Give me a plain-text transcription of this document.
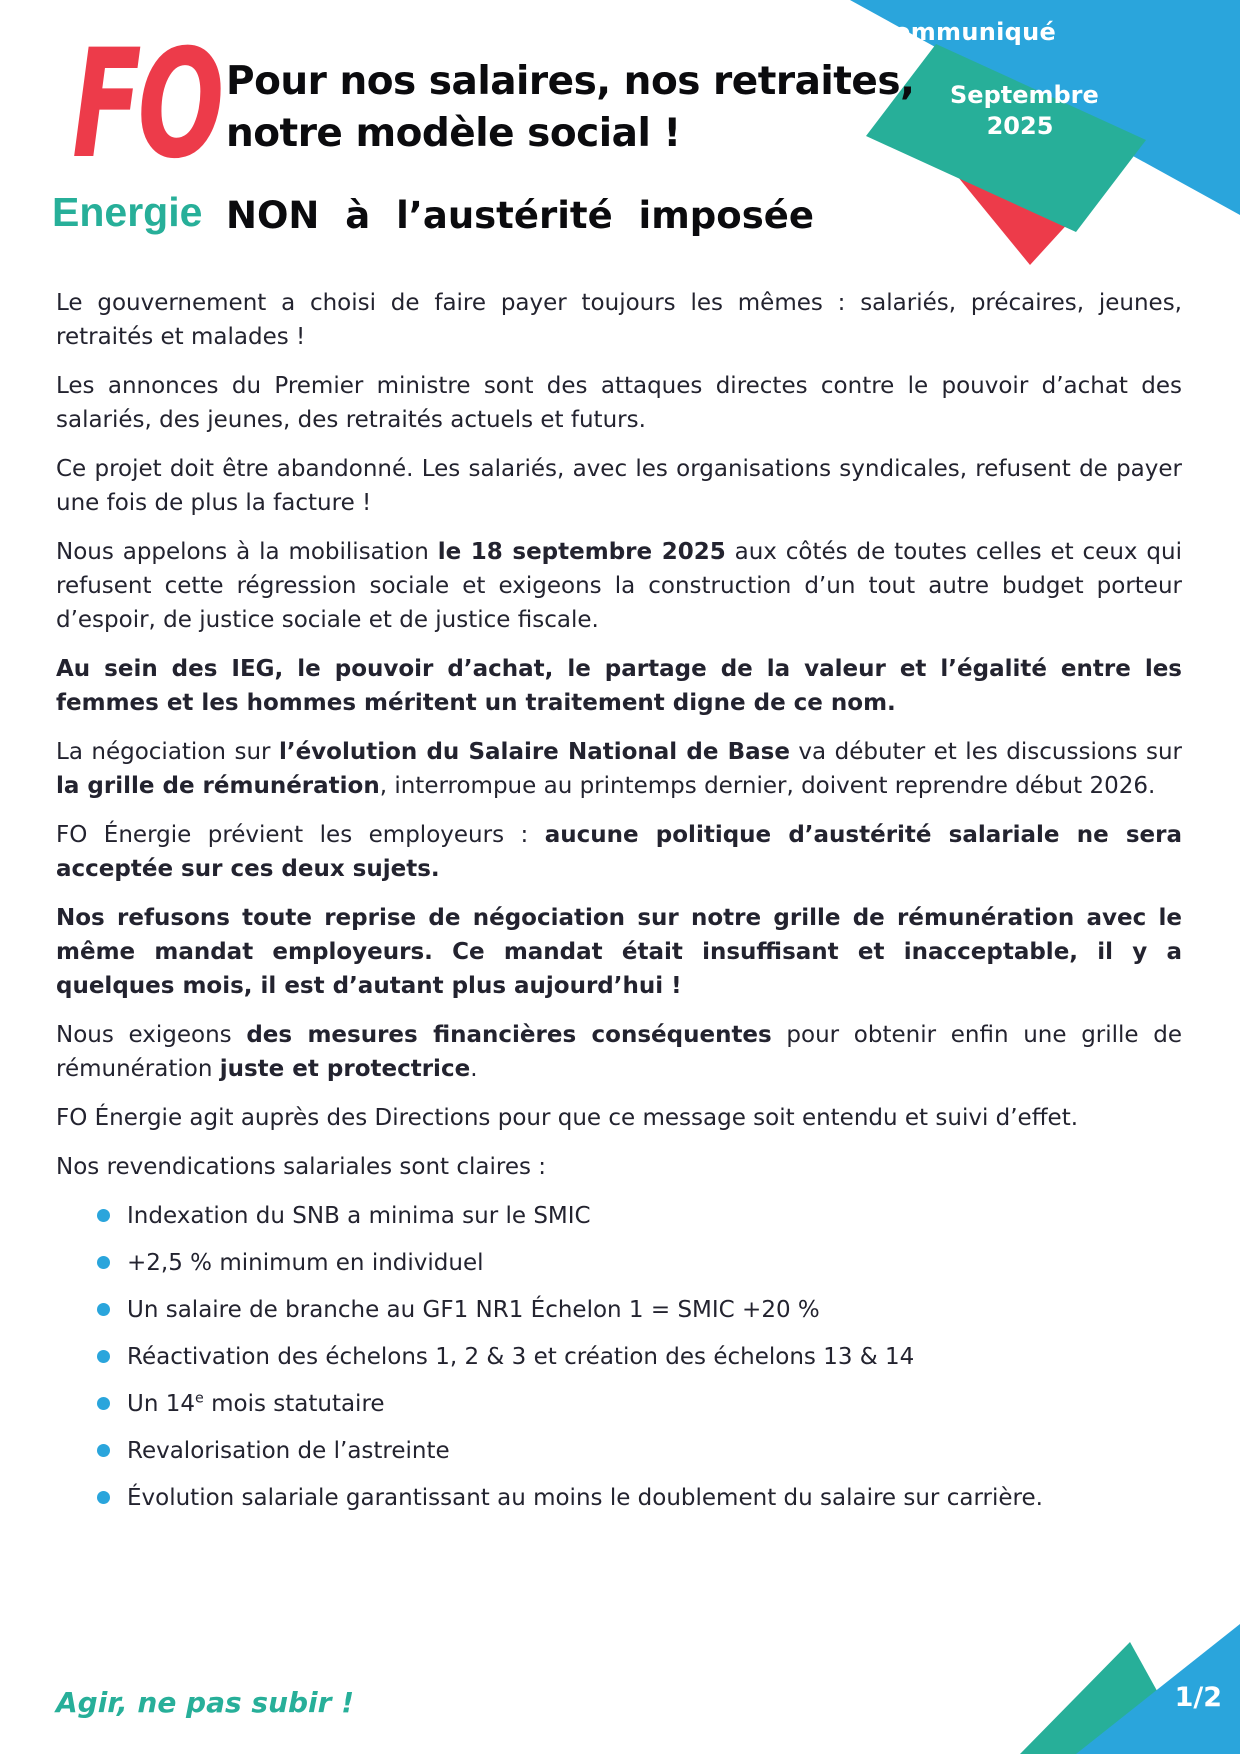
Communiqué
Septembre
2025
FO
Energie
Pour nos salaires, nos retraites,
notre modèle social !
NON à l’austérité imposée

Le gouvernement a choisi de faire payer toujours les mêmes : salariés, précaires, jeunes, retraités et malades !

Les annonces du Premier ministre sont des attaques directes contre le pouvoir d’achat des salariés, des jeunes, des retraités actuels et futurs.

Ce projet doit être abandonné. Les salariés, avec les organisations syndicales, refusent de payer une fois de plus la facture !

Nous appelons à la mobilisation le 18 septembre 2025 aux côtés de toutes celles et ceux qui refusent cette régression sociale et exigeons la construction d’un tout autre budget porteur d’espoir, de justice sociale et de justice fiscale.

Au sein des IEG, le pouvoir d’achat, le partage de la valeur et l’égalité entre les femmes et les hommes méritent un traitement digne de ce nom.

La négociation sur l’évolution du Salaire National de Base va débuter et les discussions sur la grille de rémunération, interrompue au printemps dernier, doivent reprendre début 2026.

FO Énergie prévient les employeurs : aucune politique d’austérité salariale ne sera acceptée sur ces deux sujets.

Nos refusons toute reprise de négociation sur notre grille de rémunération avec le même mandat employeurs. Ce mandat était insuffisant et inacceptable, il y a quelques mois, il est d’autant plus aujourd’hui !

Nous exigeons des mesures financières conséquentes pour obtenir enfin une grille de rémunération juste et protectrice.

FO Énergie agit auprès des Directions pour que ce message soit entendu et suivi d’effet.

Nos revendications salariales sont claires :

Indexation du SNB a minima sur le SMIC
+2,5 % minimum en individuel
Un salaire de branche au GF1 NR1 Échelon 1 = SMIC +20 %
Réactivation des échelons 1, 2 & 3 et création des échelons 13 & 14
Un 14e mois statutaire
Revalorisation de l’astreinte
Évolution salariale garantissant au moins le doublement du salaire sur carrière.
Agir, ne pas subir !	1/2
